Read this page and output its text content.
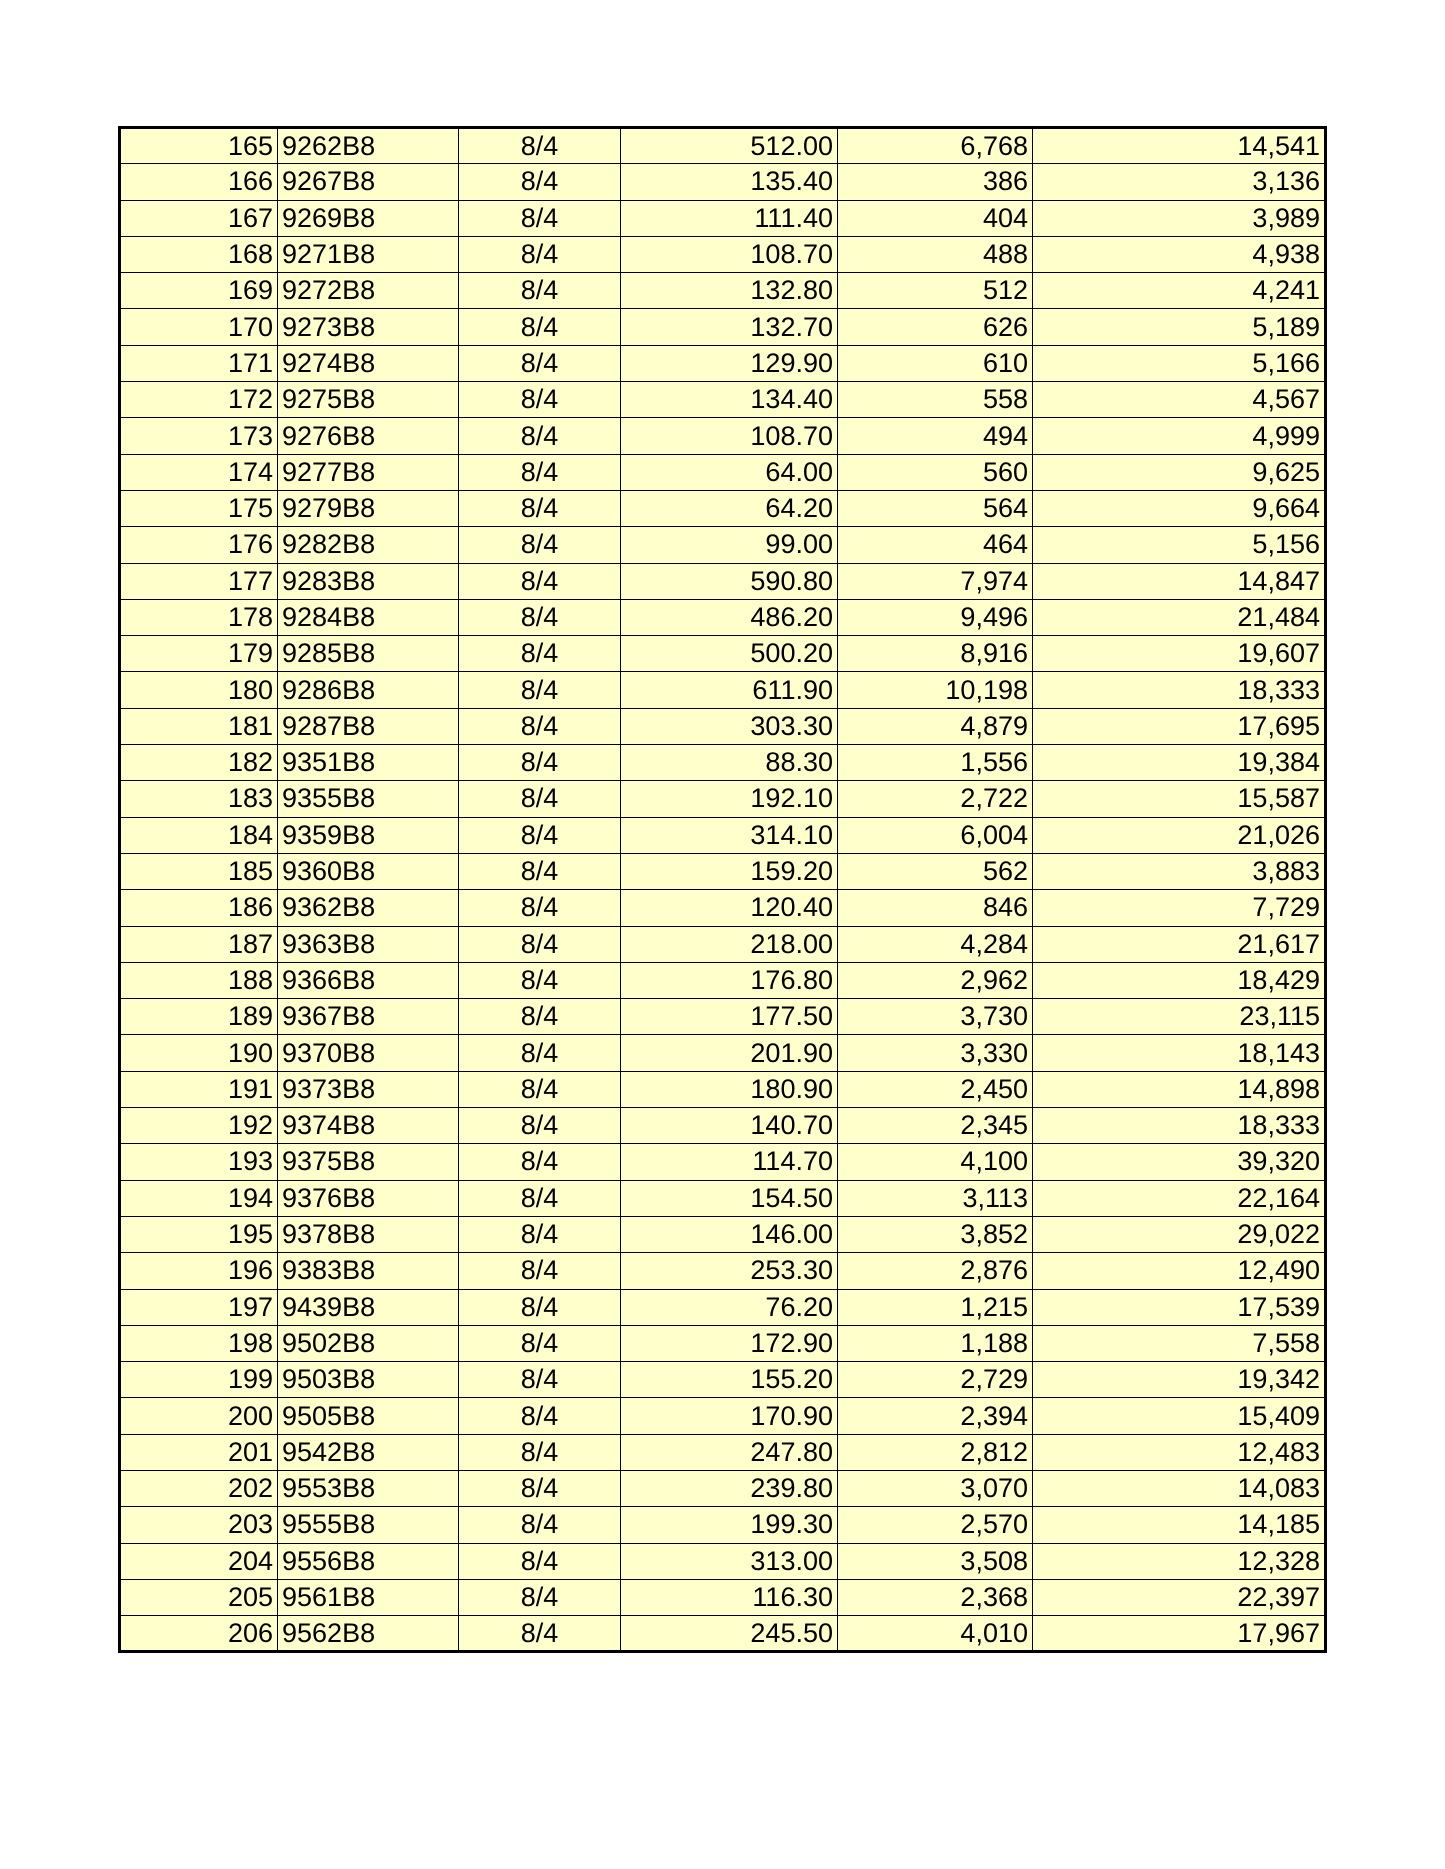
165	9262B8	8/4	512.00	6,768	14,541
166	9267B8	8/4	135.40	386	3,136
167	9269B8	8/4	111.40	404	3,989
168	9271B8	8/4	108.70	488	4,938
169	9272B8	8/4	132.80	512	4,241
170	9273B8	8/4	132.70	626	5,189
171	9274B8	8/4	129.90	610	5,166
172	9275B8	8/4	134.40	558	4,567
173	9276B8	8/4	108.70	494	4,999
174	9277B8	8/4	64.00	560	9,625
175	9279B8	8/4	64.20	564	9,664
176	9282B8	8/4	99.00	464	5,156
177	9283B8	8/4	590.80	7,974	14,847
178	9284B8	8/4	486.20	9,496	21,484
179	9285B8	8/4	500.20	8,916	19,607
180	9286B8	8/4	611.90	10,198	18,333
181	9287B8	8/4	303.30	4,879	17,695
182	9351B8	8/4	88.30	1,556	19,384
183	9355B8	8/4	192.10	2,722	15,587
184	9359B8	8/4	314.10	6,004	21,026
185	9360B8	8/4	159.20	562	3,883
186	9362B8	8/4	120.40	846	7,729
187	9363B8	8/4	218.00	4,284	21,617
188	9366B8	8/4	176.80	2,962	18,429
189	9367B8	8/4	177.50	3,730	23,115
190	9370B8	8/4	201.90	3,330	18,143
191	9373B8	8/4	180.90	2,450	14,898
192	9374B8	8/4	140.70	2,345	18,333
193	9375B8	8/4	114.70	4,100	39,320
194	9376B8	8/4	154.50	3,113	22,164
195	9378B8	8/4	146.00	3,852	29,022
196	9383B8	8/4	253.30	2,876	12,490
197	9439B8	8/4	76.20	1,215	17,539
198	9502B8	8/4	172.90	1,188	7,558
199	9503B8	8/4	155.20	2,729	19,342
200	9505B8	8/4	170.90	2,394	15,409
201	9542B8	8/4	247.80	2,812	12,483
202	9553B8	8/4	239.80	3,070	14,083
203	9555B8	8/4	199.30	2,570	14,185
204	9556B8	8/4	313.00	3,508	12,328
205	9561B8	8/4	116.30	2,368	22,397
206	9562B8	8/4	245.50	4,010	17,967
